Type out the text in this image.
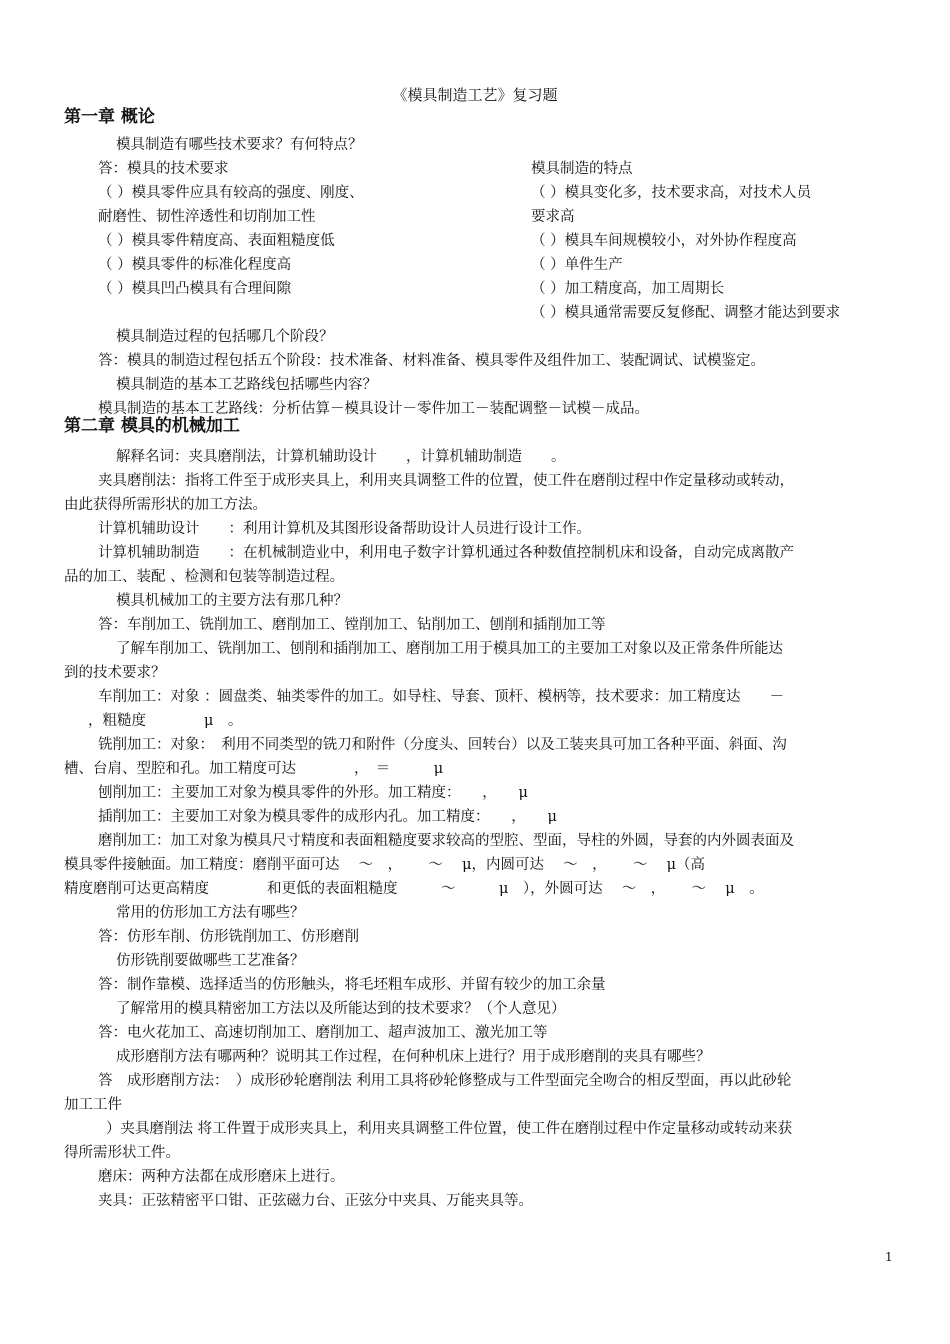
《模具制造工艺》复习题
第一章 概论
模具制造有哪些技术要求？有何特点？
答：模具的技术要求
（ ）模具零件应具有较高的强度、刚度、
耐磨性、韧性淬透性和切削加工性
（ ）模具零件精度高、表面粗糙度低
（ ）模具零件的标准化程度高
（ ）模具凹凸模具有合理间隙
模具制造的特点
（ ）模具变化多，技术要求高，对技术人员
要求高
（ ）模具车间规模较小，对外协作程度高
（ ）单件生产
（ ）加工精度高，加工周期长
（ ）模具通常需要反复修配、调整才能达到要求
模具制造过程的包括哪几个阶段？
答：模具的制造过程包括五个阶段：技术准备、材料准备、模具零件及组件加工、装配调试、试模鉴定。
模具制造的基本工艺路线包括哪些内容？
模具制造的基本工艺路线：分析估算－模具设计－零件加工－装配调整－试模－成品。
第二章 模具的机械加工
解释名词：夹具磨削法，计算机辅助设计　　，计算机辅助制造　　。
夹具磨削法：指将工件至于成形夹具上，利用夹具调整工件的位置，使工件在磨削过程中作定量移动或转动，
由此获得所需形状的加工方法。
计算机辅助设计　　：利用计算机及其图形设备帮助设计人员进行设计工作。
计算机辅助制造　　：在机械制造业中，利用电子数字计算机通过各种数值控制机床和设备，自动完成离散产
品的加工、装配 、检测和包装等制造过程。
模具机械加工的主要方法有那几种？
答：车削加工、铣削加工、磨削加工、镗削加工、钻削加工、刨削和插削加工等
了解车削加工、铣削加工、刨削和插削加工、磨削加工用于模具加工的主要加工对象以及正常条件所能达
到的技术要求？
车削加工：对象 ：圆盘类、轴类零件的加工。如导柱、导套、顶杆、模柄等，技术要求：加工精度达　　－
，粗糙度　　　　μ　。
铣削加工：对象：　利用不同类型的铣刀和附件（分度头、回转台）以及工装夹具可加工各种平面、斜面、沟
槽、台肩、型腔和孔。加工精度可达　　　　，　＝　　　μ
刨削加工：主要加工对象为模具零件的外形。加工精度：　　，　　μ
插削加工：主要加工对象为模具零件的成形内孔。加工精度：　　，　　μ
磨削加工：加工对象为模具尺寸精度和表面粗糙度要求较高的型腔、型面，导柱的外圆，导套的内外圆表面及
模具零件接触面。加工精度：磨削平面可达　 ～　，　　 ～　 μ，内圆可达　 ～　，　　 ～　 μ（高
精度磨削可达更高精度　　　　和更低的表面粗糙度　　　～　　　μ　），外圆可达　 ～　，　　 ～　 μ　。
常用的仿形加工方法有哪些？
答：仿形车削、仿形铣削加工、仿形磨削
仿形铣削要做哪些工艺准备？
答：制作靠模、选择适当的仿形触头，将毛坯粗车成形、并留有较少的加工余量
了解常用的模具精密加工方法以及所能达到的技术要求？（个人意见）
答：电火花加工、高速切削加工、磨削加工、超声波加工、激光加工等
成形磨削方法有哪两种？说明其工作过程，在何种机床上进行？用于成形磨削的夹具有哪些？
答　成形磨削方法：　）成形砂轮磨削法 利用工具将砂轮修整成与工件型面完全吻合的相反型面，再以此砂轮
加工工件
）夹具磨削法 将工件置于成形夹具上，利用夹具调整工件位置，使工件在磨削过程中作定量移动或转动来获
得所需形状工件。
磨床：两种方法都在成形磨床上进行。
夹具：正弦精密平口钳、正弦磁力台、正弦分中夹具、万能夹具等。
1
